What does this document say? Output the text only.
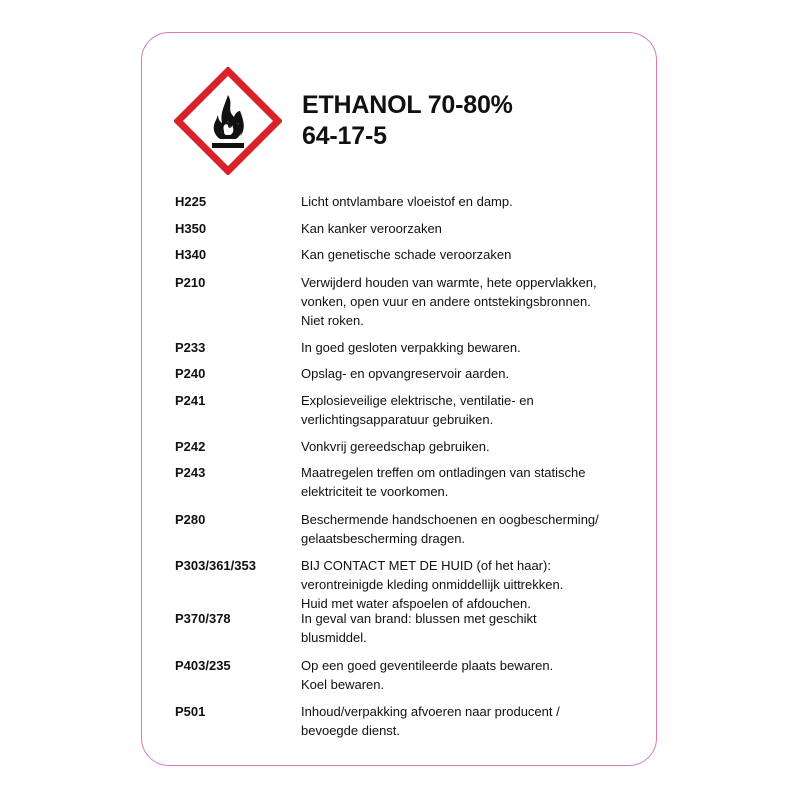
ETHANOL 70-80%
64-17-5
H225	Licht ontvlambare vloeistof en damp.
H350	Kan kanker veroorzaken
H340	Kan genetische schade veroorzaken
P210	Verwijderd houden van warmte, hete oppervlakken,
vonken, open vuur en andere ontstekingsbronnen.
Niet roken.
P233	In goed gesloten verpakking bewaren.
P240	Opslag- en opvangreservoir aarden.
P241	Explosieveilige elektrische, ventilatie- en
verlichtingsapparatuur gebruiken.
P242	Vonkvrij gereedschap gebruiken.
P243	Maatregelen treffen om ontladingen van statische
elektriciteit te voorkomen.
P280	Beschermende handschoenen en oogbescherming/
gelaatsbescherming dragen.
P303/361/353	BIJ CONTACT MET DE HUID (of het haar):
verontreinigde kleding onmiddellijk uittrekken.
Huid met water afspoelen of afdouchen.
P370/378	In geval van brand: blussen met geschikt
blusmiddel.
P403/235	Op een goed geventileerde plaats bewaren.
Koel bewaren.
P501	Inhoud/verpakking afvoeren naar producent /
bevoegde dienst.
